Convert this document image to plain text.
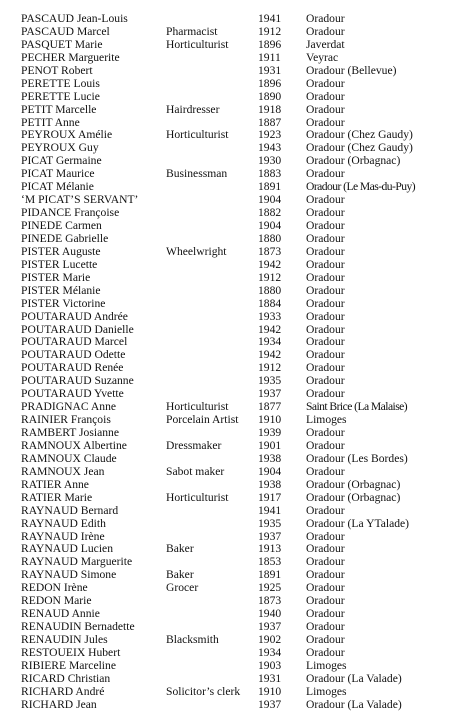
PASCAUD Jean-Louis	1941 Oradour
PASCAUD Marcel	Pharmacist	1912 Oradour
PASQUET Marie	Horticulturist	1896 Javerdat
PECHER Marguerite	1911 Veyrac
PENOT Robert	1931 Oradour (Bellevue)
PERETTE Louis	1896 Oradour
PERETTE Lucie	1890 Oradour
PETIT Marcelle	Hairdresser	1918 Oradour
PETIT Anne	1887 Oradour
PEYROUX Amélie	Horticulturist	1923 Oradour (Chez Gaudy)
PEYROUX Guy	1943 Oradour (Chez Gaudy)
PICAT Germaine	1930 Oradour (Orbagnac)
PICAT Maurice	Businessman	1883 Oradour
PICAT Mélanie	1891 Oradour (Le Mas-du-Puy)
‘M PICAT’S SERVANT’	1904 Oradour
PIDANCE Françoise	1882 Oradour
PINEDE Carmen	1904 Oradour
PINEDE Gabrielle	1880 Oradour
PISTER Auguste	Wheelwright	1873 Oradour
PISTER Lucette	1942 Oradour
PISTER Marie	1912 Oradour
PISTER Mélanie	1880 Oradour
PISTER Victorine	1884 Oradour
POUTARAUD Andrée	1933 Oradour
POUTARAUD Danielle	1942 Oradour
POUTARAUD Marcel	1934 Oradour
POUTARAUD Odette	1942 Oradour
POUTARAUD Renée	1912 Oradour
POUTARAUD Suzanne	1935 Oradour
POUTARAUD Yvette	1937 Oradour
PRADIGNAC Anne	Horticulturist	1877 Saint Brice (La Malaise)
RAINIER François	Porcelain Artist 1910 Limoges
RAMBERT Josianne	1939 Oradour
RAMNOUX Albertine	Dressmaker	1901 Oradour
RAMNOUX Claude	1938 Oradour (Les Bordes)
RAMNOUX Jean	Sabot maker	1904 Oradour
RATIER Anne	1938 Oradour (Orbagnac)
RATIER Marie	Horticulturist	1917 Oradour (Orbagnac)
RAYNAUD Bernard	1941 Oradour
RAYNAUD Edith	1935 Oradour (La YTalade)
RAYNAUD Irène	1937 Oradour
RAYNAUD Lucien	Baker	1913 Oradour
RAYNAUD Marguerite	1853 Oradour
RAYNAUD Simone	Baker	1891 Oradour
REDON Irène	Grocer	1925 Oradour
REDON Marie	1873 Oradour
RENAUD Annie	1940 Oradour
RENAUDIN Bernadette	1937 Oradour
RENAUDIN Jules	Blacksmith	1902 Oradour
RESTOUEIX Hubert	1934 Oradour
RIBIERE Marceline	1903 Limoges
RICARD Christian	1931 Oradour (La Valade)
RICHARD André	Solicitor’s clerk 1910 Limoges
RICHARD Jean	1937 Oradour (La Valade)
